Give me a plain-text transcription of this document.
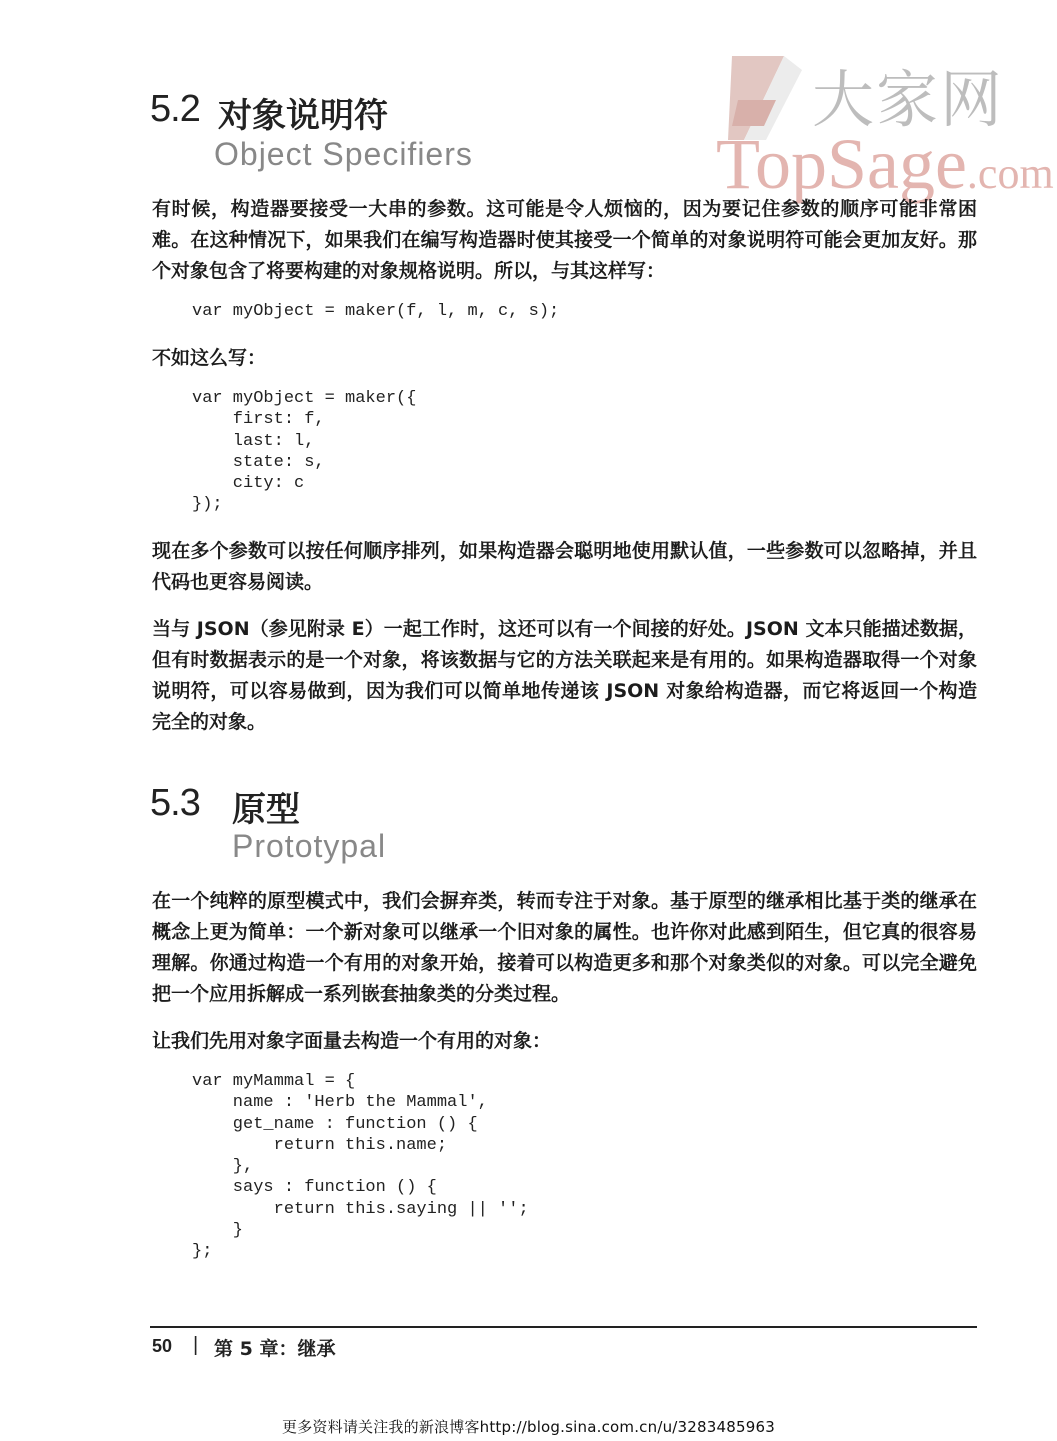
大家网
TopSage.com
5.2 对象说明符
Object Specifiers

有时候，构造器要接受一大串的参数。这可能是令人烦恼的，因为要记住参数的顺序可能非常困难。在这种情况下，如果我们在编写构造器时使其接受一个简单的对象说明符可能会更加友好。那个对象包含了将要构建的对象规格说明。所以，与其这样写：

var myObject = maker(f, l, m, c, s);

不如这么写：

var myObject = maker({
first: f,
last: l,
state: s,
city: c
});

现在多个参数可以按任何顺序排列，如果构造器会聪明地使用默认值，一些参数可以忽略掉，并且代码也更容易阅读。

当与 JSON（参见附录 E）一起工作时，这还可以有一个间接的好处。JSON 文本只能描述数据，但有时数据表示的是一个对象，将该数据与它的方法关联起来是有用的。如果构造器取得一个对象说明符，可以容易做到，因为我们可以简单地传递该 JSON 对象给构造器，而它将返回一个构造完全的对象。

5.3 原型
Prototypal

在一个纯粹的原型模式中，我们会摒弃类，转而专注于对象。基于原型的继承相比基于类的继承在概念上更为简单：一个新对象可以继承一个旧对象的属性。也许你对此感到陌生，但它真的很容易理解。你通过构造一个有用的对象开始，接着可以构造更多和那个对象类似的对象。可以完全避免把一个应用拆解成一系列嵌套抽象类的分类过程。

让我们先用对象字面量去构造一个有用的对象：

var myMammal = {
name : 'Herb the Mammal',
get_name : function () {
return this.name;
},
says : function () {
return this.saying || '';
}
};
50 | 第 5 章：继承
更多资料请关注我的新浪博客http://blog.sina.com.cn/u/3283485963
